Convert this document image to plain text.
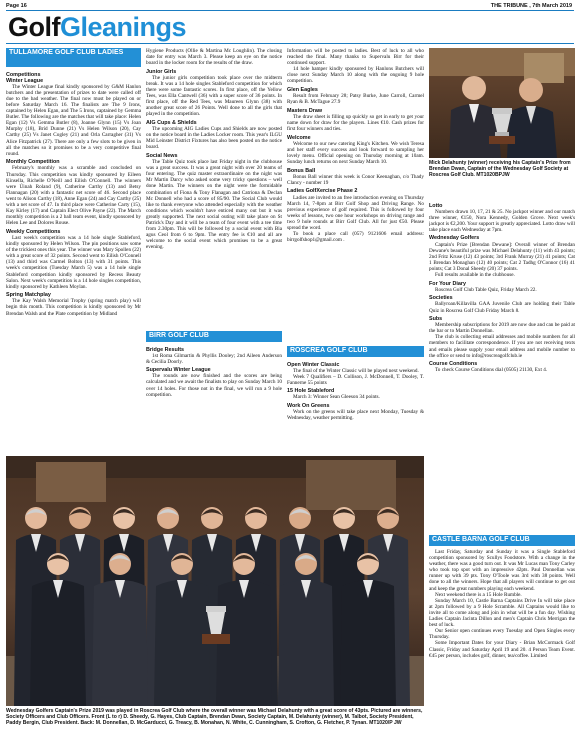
Page 16	THE TRIBUNE , 7th March 2019
GolfGleanings
TULLAMORE GOLF CLUB LADIES

Competitions

Winter League

The Winter League final kindly sponsored by G&M Hanlon butchers and the presentation of prizes to date were called off due to the bad weather. The final now must be played on or before Saturday March 16. The finalists are The 9 Irons, captained by Helen Egan, and The 5 Irons, captained by Gemma Butler. The following are the matches that will take place: Helen Egan (12) Vs Gemma Butler (8), Joanne Glynn (15) Vs Joan Murphy (18), Bríd Dunne (21) Vs Helen Wilson (20), Cay Carthy (25) Vs Janet Cogley (21) and Orla Carragher (31) Vs Alice Fitzpatrick (27). There are only a few slots to be given in all the matches so it promises to be a very competitive final round.

Monthly Competition

February's monthly was a scramble and concluded on Thursday. This competition was kindly sponsored by Eileen Kinsella, Richelle O'Neill and Eilish O'Connell. The winners were Úinah Roland (9), Catherine Carthy (13) and Betsy Flannagan (20) with a fantastic net score of 46. Second place went to Alison Carthy (18), Anne Egan (24) and Cay Carthy (25) with a net score of 47. In third place were Catherine Carty (15), Kay Kirley (17) and Captain Elect Olive Payne (22). The March monthly competition is a 2 ball team event, kindly sponsored by Helen Lee and Dolores Rouse.

Weekly Competitions

Last week's competition was a 14 hole single Stableford, kindly sponsored by Helen Wilson. The pin positions saw some of the trickiest ones this year. The winner was Mary Spollen (22) with a great score of 32 points. Second went to Eilish O'Connell (13) and third was Carmel Bolton (13) with 31 points. This week's competition (Tuesday March 5) was a 14 hole single Stableford competition kindly sponsored by Recess Beauty Salon. Next week's competition is a 14 hole singles competition, kindly sponsored by Kathleen Moylan.

Spring Matchplay

The Kay Walsh Memorial Trophy (spring match play) will begin this month. This competition is kindly sponsored by Mr Brendan Walsh and the Plate competition by Midland

Hygiene Products (Ollie & Martina Mc Loughlin). The closing date for entry was March 3. Please keep an eye on the notice board in the locker room for the results of the draw.

Junior Girls

The junior girls competition took place over the midterm break. It was a 14 hole singles Stableford competition for which there were some fantastic scores. In first place, off the Yellow Tees, was Ella Cantwell (36) with a super score of 36 points. In first place, off the Red Tees, was Maureen Glynn (38) with another great score of 26 Points. Well done to all the girls that played in the competition.

AIG Cups & Shields

The upcoming AIG Ladies Cups and Shields are now posted on the notice board in the Ladies Locker room. This year's ILGU Mid Leinster District Fixtures has also been posted on the notice board.

Social News

The Table Quiz took place last Friday night in the clubhouse was a great success. It was a great night with over 20 teams of four entering. The quiz master extraordinaire on the night was Mr Martin Darcy who asked some very tricky questions – well done Martin. The winners on the night were the formidable combination of Fiona & Tony Flanagan and Catriona & Declan Mc Donnell who had a score of 85/90. The Social Club would like to thank everyone who attended especially with the weather conditions which wouldn't have enticed many out but it was greatly supported. The next social outing will take place on St Patrick's Day and it will be a team of four event with a tee time from 2.30pm. This will be followed by a social event with Bia agus Ceol from 6 to 9pm. The entry fee is €10 and all are welcome to the social event which promises to be a great evening.

BIRR GOLF CLUB

Bridge Results

1st Roma Gilmartin & Phyllis Dooley; 2nd Aileen Anderson & Cecilia Doorly.

Supervalu Winter League

The rounds are now finished and the scores are being calculated and we await the finalists to play on Sunday March 10 over 14 holes. For those not in the final, we will run a 9 hole competition.

Information will be posted to ladies. Best of luck to all who reached the final. Many thanks to Supervalu Birr for their continued support.

14 hole hamper kindly sponsored by Hanlons Butchers will close next Sunday March 10 along with the ongoing 9 hole competition.

Glen Eagles

Result from February 28; Patsy Burke, June Carroll, Carmel Ryan & B. McTague 27.9

Masters Draw

The draw sheet is filling up quickly so get in early to get your name down for draw for the players. Lines €10. Cash prizes for first four winners and ties.

Welcome

Welcome to our new catering King's Kitchen. We wish Teresa and her staff every success and look forward to sampling her lovely menu. Official opening on Thursday morning at 10am. Sunday lunch returns on next Sunday March 10.

Bonus Ball

Bonus Ball winner this week is Conor Keenaghan, c/o Thady Clancy - number 19

Ladies GolfXercise Phase 2

Ladies are invited to an free introduction evening on Thursday March 14, 7-8pm at Birr Golf Shop and Driving Range. No previous experience of golf required. This is followed by four weeks of lessons, two one hour workshops on driving range and two 9 hole rounds at Birr Golf Club. All for just €50. Please spread the word.

To book a place call (057) 9121606 email address: birrgolfshop1@gmail.com .

ROSCREA GOLF CLUB

Open Winter Classic

The final of the Winter Classic will be played next weekend.

Week 7 Qualifiers – D. Collison, J. McDonnell, T. Dooley, T. Fannerne 55 points

15 Hole Stableford

March 3: Winner Sean Gleeson 34 points.

Work On Greens

Work on the greens will take place next Monday, Tuesday & Wednesday, weather permitting.

Mick Delahunty (winner) receiving his Captain's Prize from Brendan Dwan, Captain of the Wednesday Golf Society at Roscrea Golf Club. MT1020BPJW

Lotto

Numbers drawn 10, 17, 21 & 25. No jackpot winner and our match three winner, €150, Nora Kennedy, Golden Grove. Next week's jackpot is €2,200. Your support is greatly appreciated. Lotto draw will take place each Wednesday at 7pm.

Wednesday Golfers

Captain's Prize [Brendan Dewane]: Overall winner of Brendan Dewane's beautiful prize was Michael Delahunty (11) with 43 points; 2nd Fritz Kruse (12) 43 points; 3rd Frank Murray (21) 41 points; Cat 1 Brendan Monaghan (12) 40 points; Cat 2 Tadhg O'Connor (16) 41 points; Cat 3 Donal Sheedy (20) 37 points.

Full results available in the clubhouse.

For Your Diary

Roscrea Golf Club Table Quiz, Friday March 22.

Societies

Ballyroan/Killavilla GAA Juvenile Club are holding their Table Quiz in Roscrea Golf Club Friday March 8.

Subs

Membership subscriptions for 2019 are now due and can be paid at the bar or to Martin Donnellan.

The club is collecting email addresses and mobile numbers for all members to facilitate correspondence. If you are not receiving texts and emails please supply your email address and mobile number to the office or send to info@roscreagolfclub.ie

Course Conditions

To check Course Conditions dial (0505) 21130, Ext 4.

CASTLE BARNA GOLF CLUB

Last Friday, Saturday and Sunday it was a Single Stableford competition sponsored by Scullys Foodstore. With a change in the weather, there was a good turn out. It was Mr Lucas man Tony Carley who took top spot with an impressive 42pts. Paul Donnellan was runner up with 39 pts. Tony O'Toole was 3rd with 38 points. Well done to all the winners. Hope that all players will continue to get out and keep the great numbers playing each weekend.

Next weekend there is a 15 Hole Rumble.

Sunday March 10, Castle Barna Captains Drive In will take place at 2pm followed by a 9 Hole Scramble. All Captains would like to invite all to come along and join in what will be a fun day. Wishing Ladies Captain Jacinta Dillon and men's Captain Chris Merrigan the best of luck.

Our Senior open continues every Tuesday and Open Singles every Thursday.

Some Important Dates for your Diary - Brian McCormack Golf Classic, Friday and Saturday April 19 and 20. 4 Person Team Event. €45 per person, includes golf, dinner, tea/coffee. Limited

Wednesday Golfers Captain's Prize 2019 was played in Roscrea Golf Club where the overall winner was Michael Delahunty with a great score of 43pts. Pictured are winners, Society Officers and Club Officers. Front (L to r) D. Sheedy, G. Hayes, Club Captain, Brendan Dwan, Society Captain, M. Delahunty (winner), M. Talbot, Society President, Paddy Bergin, Club President. Back: M. Donnellan, D. McGarducci, G. Treacy, B. Monahan, N. White, C. Cunningham, S. Crofton, G. Fletcher, P. Tynan. MT1020/P JW
